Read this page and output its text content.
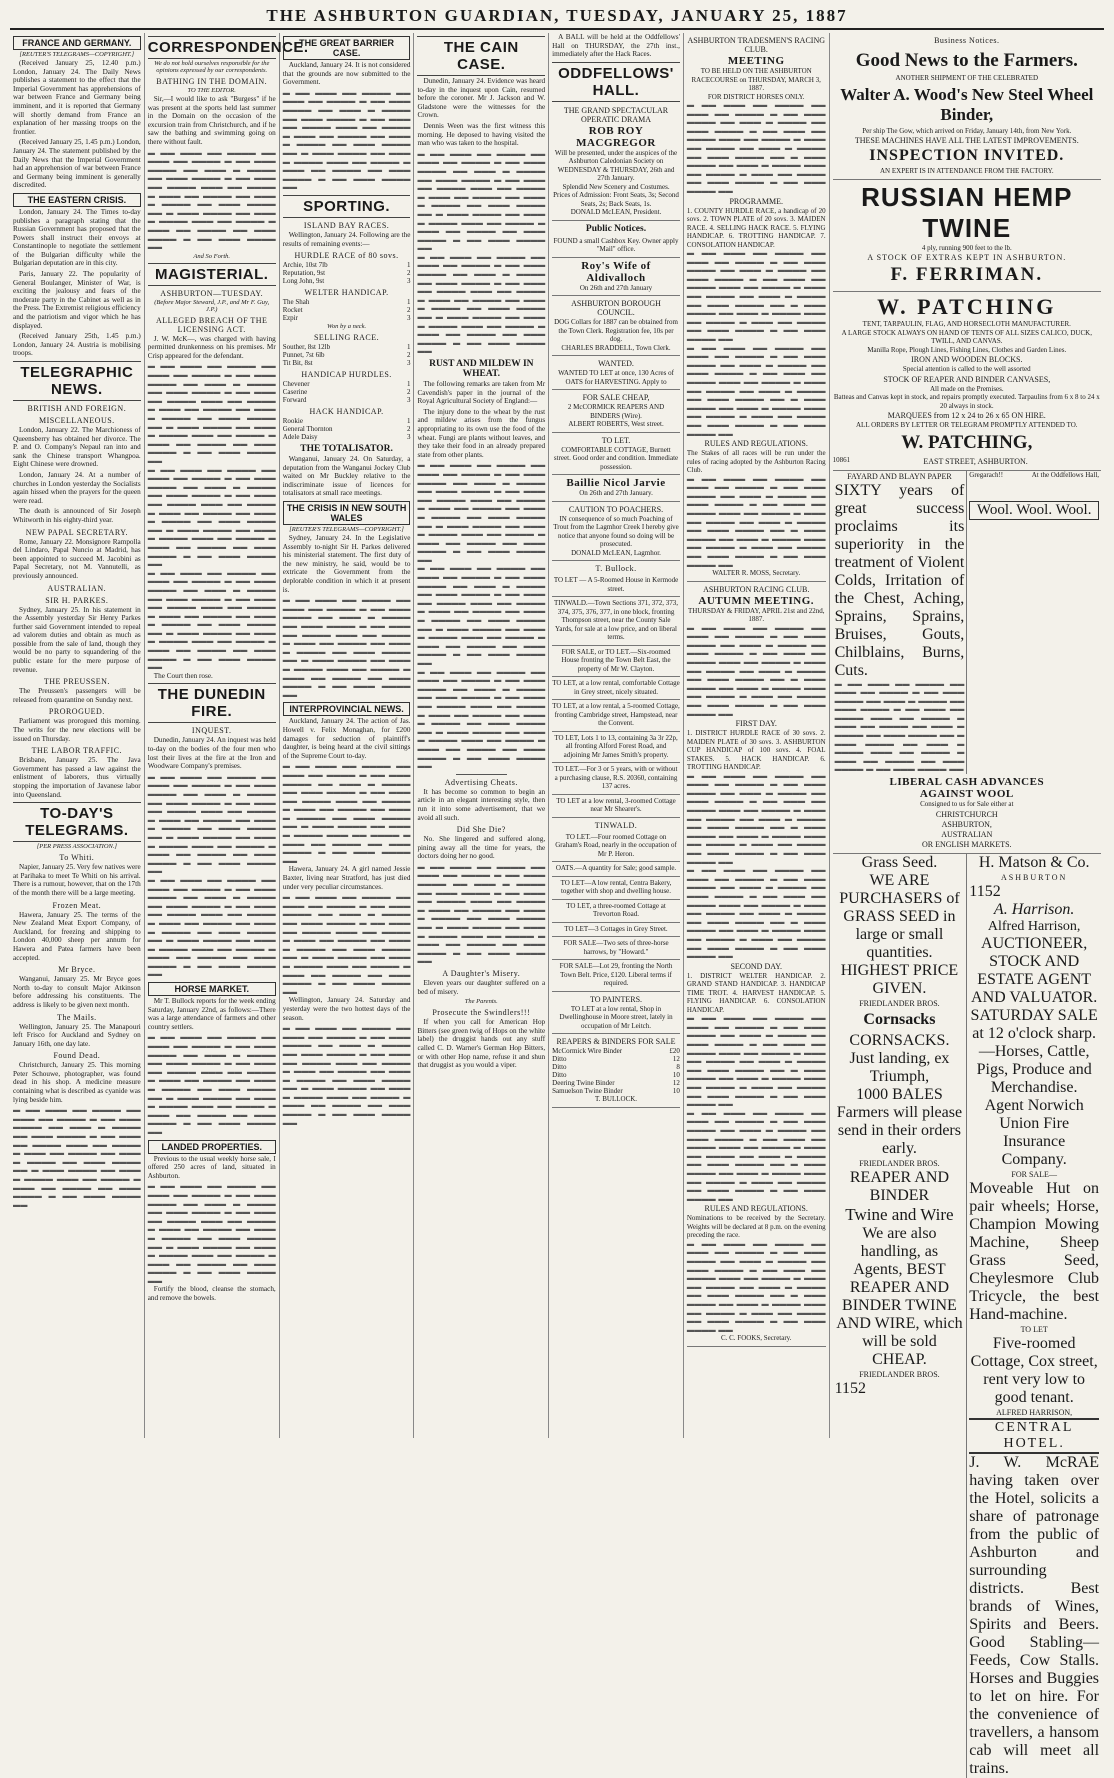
THE ASHBURTON GUARDIAN, TUESDAY, JANUARY 25, 1887
FRANCE AND GERMANY.
[REUTER'S TELEGRAMS—COPYRIGHT.]

(Received January 25, 12.40 p.m.) London, January 24. The Daily News publishes a statement to the effect that the Imperial Government has apprehensions of war between France and Germany being imminent, and it is reported that Germany will shortly demand from France an explanation of her massing troops on the frontier.

(Received January 25, 1.45 p.m.) London, January 24. The statement published by the Daily News that the Imperial Government had an apprehension of war between France and Germany being imminent is generally discredited.

THE EASTERN CRISIS.

London, January 24. The Times to-day publishes a paragraph stating that the Russian Government has proposed that the Powers shall instruct their envoys at Constantinople to negotiate the settlement of the Bulgarian difficulty while the Bulgarian deputation are in this city.

Paris, January 22. The popularity of General Boulanger, Minister of War, is exciting the jealousy and fears of the moderate party in the Cabinet as well as in the Press. The Extremist religious efficiency and the patriotism and vigor which he has displayed.

(Received January 25th, 1.45 p.m.) London, January 24. Austria is mobilising troops.

TELEGRAPHIC NEWS.
BRITISH AND FOREIGN.
MISCELLANEOUS.

London, January 22. The Marchioness of Queensberry has obtained her divorce. The P. and O. Company's Nepaul ran into and sank the Chinese transport Whangpoa. Eight Chinese were drowned.

London, January 24. At a number of churches in London yesterday the Socialists again hissed when the prayers for the queen were read.

The death is announced of Sir Joseph Whitworth in his eighty-third year.

NEW PAPAL SECRETARY.

Rome, January 22. Monsignore Rampolla del Lindaro, Papal Nuncio at Madrid, has been appointed to succeed M. Jacobini as Papal Secretary, not M. Vannutelli, as previously announced.

AUSTRALIAN.
SIR H. PARKES.

Sydney, January 25. In his statement in the Assembly yesterday Sir Henry Parkes further said Government intended to repeal ad valorem duties and obtain as much as possible from the sale of land, though they would be no party to squandering of the public estate for the mere purpose of revenue.

THE PREUSSEN.

The Preussen's passengers will be released from quarantine on Sunday next.

PROROGUED.

Parliament was prorogued this morning. The writs for the new elections will be issued on Thursday.

THE LABOR TRAFFIC.

Brisbane, January 25. The Java Government has passed a law against the enlistment of laborers, thus virtually stopping the importation of Javanese labor into Queensland.

TO-DAY'S TELEGRAMS.
[PER PRESS ASSOCIATION.]
To Whiti.

Napier, January 25. Very few natives were at Parihaka to meet Te Whiti on his arrival. There is a rumour, however, that on the 17th of the month there will be a large meeting.

Frozen Meat.

Hawera, January 25. The terms of the New Zealand Meat Export Company, of Auckland, for freezing and shipping to London 40,000 sheep per annum for Hawera and Patea farmers have been accepted.

Mr Bryce.

Wanganui, January 25. Mr Bryce goes North to-day to consult Major Atkinson before addressing his constituents. The address is likely to be given next month.

The Mails.

Wellington, January 25. The Manapouri left Frisco for Auckland and Sydney on January 16th, one day late.

Found Dead.

Christchurch, January 25. This morning Peter Schouwe, photographer, was found dead in his shop. A medicine measure containing what is described as cyanide was lying beside him.

▬ ▬▬ ▬▬▬ ▬▬ ▬▬▬▬ ▬▬ ▬▬▬ ▬▬ ▬▬▬▬ ▬ ▬▬ ▬▬▬ ▬▬▬▬ ▬▬ ▬▬▬ ▬ ▬▬▬▬ ▬▬ ▬▬▬ ▬▬▬▬ ▬ ▬▬ ▬▬▬ ▬▬ ▬▬▬▬ ▬▬▬ ▬▬ ▬▬▬▬ ▬ ▬▬▬ ▬▬ ▬▬▬▬ ▬▬ ▬▬▬ ▬ ▬▬▬▬ ▬▬ ▬▬▬ ▬▬▬▬ ▬▬ ▬ ▬▬▬ ▬▬▬▬ ▬▬ ▬▬▬ ▬ ▬▬▬▬ ▬▬▬ ▬▬ ▬▬▬▬ ▬ ▬▬▬ ▬▬ ▬▬▬▬ ▬▬ ▬▬▬ ▬▬▬▬ ▬ ▬▬ ▬▬▬ ▬▬▬▬ ▬▬
CORRESPONDENCE.
We do not hold ourselves responsible for the opinions expressed by our correspondents.
BATHING IN THE DOMAIN.
TO THE EDITOR.

Sir,—I would like to ask "Burgess" if he was present at the sports held last summer in the Domain on the occasion of the excursion train from Christchurch, and if he saw the bathing and swimming going on there without fault.

▬ ▬▬ ▬▬▬ ▬▬ ▬▬▬▬ ▬▬ ▬▬▬ ▬▬ ▬▬▬▬ ▬ ▬▬ ▬▬▬ ▬▬▬▬ ▬▬ ▬▬▬ ▬ ▬▬▬▬ ▬▬ ▬▬▬ ▬▬▬▬ ▬ ▬▬ ▬▬▬ ▬▬ ▬▬▬▬ ▬▬▬ ▬▬ ▬▬▬▬ ▬ ▬▬▬ ▬▬ ▬▬▬▬ ▬▬ ▬▬▬ ▬ ▬▬▬▬ ▬▬ ▬▬▬ ▬▬▬▬ ▬▬ ▬ ▬▬▬ ▬▬▬▬ ▬▬ ▬▬▬ ▬ ▬▬▬▬ ▬▬▬ ▬▬ ▬▬▬▬ ▬ ▬▬▬ ▬▬ ▬▬▬▬ ▬▬ ▬▬▬ ▬▬▬▬ ▬ ▬▬ ▬▬▬ ▬▬▬▬ ▬▬
And So Forth.
MAGISTERIAL.
ASHBURTON—TUESDAY.
(Before Major Steward, J.P., and Mr F. Guy, J.P.)
ALLEGED BREACH OF THE LICENSING ACT.

J. W. McK—, was charged with having permitted drunkenness on his premises. Mr Crisp appeared for the defendant.

▬ ▬▬ ▬▬▬ ▬▬ ▬▬▬▬ ▬▬ ▬▬▬ ▬▬ ▬▬▬▬ ▬ ▬▬ ▬▬▬ ▬▬▬▬ ▬▬ ▬▬▬ ▬ ▬▬▬▬ ▬▬ ▬▬▬ ▬▬▬▬ ▬ ▬▬ ▬▬▬ ▬▬ ▬▬▬▬ ▬▬▬ ▬▬ ▬▬▬▬ ▬ ▬▬▬ ▬▬ ▬▬▬▬ ▬▬ ▬▬▬ ▬ ▬▬▬▬ ▬▬ ▬▬▬ ▬▬▬▬ ▬▬ ▬ ▬▬▬ ▬▬▬▬ ▬▬ ▬▬▬ ▬ ▬▬▬▬ ▬▬▬ ▬▬ ▬▬▬▬ ▬ ▬▬▬ ▬▬ ▬▬▬▬ ▬▬ ▬▬▬ ▬▬▬▬ ▬ ▬▬ ▬▬▬ ▬▬▬▬ ▬▬
▬ ▬▬ ▬▬▬ ▬▬ ▬▬▬▬ ▬▬ ▬▬▬ ▬▬ ▬▬▬▬ ▬ ▬▬ ▬▬▬ ▬▬▬▬ ▬▬ ▬▬▬ ▬ ▬▬▬▬ ▬▬ ▬▬▬ ▬▬▬▬ ▬ ▬▬ ▬▬▬ ▬▬ ▬▬▬▬ ▬▬▬ ▬▬ ▬▬▬▬ ▬ ▬▬▬ ▬▬ ▬▬▬▬ ▬▬ ▬▬▬ ▬ ▬▬▬▬ ▬▬ ▬▬▬ ▬▬▬▬ ▬▬ ▬ ▬▬▬ ▬▬▬▬ ▬▬ ▬▬▬ ▬ ▬▬▬▬ ▬▬▬ ▬▬ ▬▬▬▬ ▬ ▬▬▬ ▬▬ ▬▬▬▬ ▬▬ ▬▬▬ ▬▬▬▬ ▬ ▬▬ ▬▬▬ ▬▬▬▬ ▬▬
▬ ▬▬ ▬▬▬ ▬▬ ▬▬▬▬ ▬▬ ▬▬▬ ▬▬ ▬▬▬▬ ▬ ▬▬ ▬▬▬ ▬▬▬▬ ▬▬ ▬▬▬ ▬ ▬▬▬▬ ▬▬ ▬▬▬ ▬▬▬▬ ▬ ▬▬ ▬▬▬ ▬▬ ▬▬▬▬ ▬▬▬ ▬▬ ▬▬▬▬ ▬ ▬▬▬ ▬▬ ▬▬▬▬ ▬▬ ▬▬▬ ▬ ▬▬▬▬ ▬▬ ▬▬▬ ▬▬▬▬ ▬▬ ▬ ▬▬▬ ▬▬▬▬ ▬▬ ▬▬▬ ▬ ▬▬▬▬ ▬▬▬ ▬▬ ▬▬▬▬ ▬ ▬▬▬ ▬▬ ▬▬▬▬ ▬▬ ▬▬▬ ▬▬▬▬ ▬ ▬▬ ▬▬▬ ▬▬▬▬ ▬▬

The Court then rose.

THE DUNEDIN FIRE.
INQUEST.

Dunedin, January 24. An inquest was held to-day on the bodies of the four men who lost their lives at the fire at the Iron and Woodware Company's premises.

▬ ▬▬ ▬▬▬ ▬▬ ▬▬▬▬ ▬▬ ▬▬▬ ▬▬ ▬▬▬▬ ▬ ▬▬ ▬▬▬ ▬▬▬▬ ▬▬ ▬▬▬ ▬ ▬▬▬▬ ▬▬ ▬▬▬ ▬▬▬▬ ▬ ▬▬ ▬▬▬ ▬▬ ▬▬▬▬ ▬▬▬ ▬▬ ▬▬▬▬ ▬ ▬▬▬ ▬▬ ▬▬▬▬ ▬▬ ▬▬▬ ▬ ▬▬▬▬ ▬▬ ▬▬▬ ▬▬▬▬ ▬▬ ▬ ▬▬▬ ▬▬▬▬ ▬▬ ▬▬▬ ▬ ▬▬▬▬ ▬▬▬ ▬▬ ▬▬▬▬ ▬ ▬▬▬ ▬▬ ▬▬▬▬ ▬▬ ▬▬▬ ▬▬▬▬ ▬ ▬▬ ▬▬▬ ▬▬▬▬ ▬▬
▬ ▬▬ ▬▬▬ ▬▬ ▬▬▬▬ ▬▬ ▬▬▬ ▬▬ ▬▬▬▬ ▬ ▬▬ ▬▬▬ ▬▬▬▬ ▬▬ ▬▬▬ ▬ ▬▬▬▬ ▬▬ ▬▬▬ ▬▬▬▬ ▬ ▬▬ ▬▬▬ ▬▬ ▬▬▬▬ ▬▬▬ ▬▬ ▬▬▬▬ ▬ ▬▬▬ ▬▬ ▬▬▬▬ ▬▬ ▬▬▬ ▬ ▬▬▬▬ ▬▬ ▬▬▬ ▬▬▬▬ ▬▬ ▬ ▬▬▬ ▬▬▬▬ ▬▬ ▬▬▬ ▬ ▬▬▬▬ ▬▬▬ ▬▬ ▬▬▬▬ ▬ ▬▬▬ ▬▬ ▬▬▬▬ ▬▬ ▬▬▬ ▬▬▬▬ ▬ ▬▬ ▬▬▬ ▬▬▬▬ ▬▬
HORSE MARKET.

Mr T. Bullock reports for the week ending Saturday, January 22nd, as follows:—There was a large attendance of farmers and other country settlers.

▬ ▬▬ ▬▬▬ ▬▬ ▬▬▬▬ ▬▬ ▬▬▬ ▬▬ ▬▬▬▬ ▬ ▬▬ ▬▬▬ ▬▬▬▬ ▬▬ ▬▬▬ ▬ ▬▬▬▬ ▬▬ ▬▬▬ ▬▬▬▬ ▬ ▬▬ ▬▬▬ ▬▬ ▬▬▬▬ ▬▬▬ ▬▬ ▬▬▬▬ ▬ ▬▬▬ ▬▬ ▬▬▬▬ ▬▬ ▬▬▬ ▬ ▬▬▬▬ ▬▬ ▬▬▬ ▬▬▬▬ ▬▬ ▬ ▬▬▬ ▬▬▬▬ ▬▬ ▬▬▬ ▬ ▬▬▬▬ ▬▬▬ ▬▬ ▬▬▬▬ ▬ ▬▬▬ ▬▬ ▬▬▬▬ ▬▬ ▬▬▬ ▬▬▬▬ ▬ ▬▬ ▬▬▬ ▬▬▬▬ ▬▬
LANDED PROPERTIES.

Previous to the usual weekly horse sale, I offered 250 acres of land, situated in Ashburton.

▬ ▬▬ ▬▬▬ ▬▬ ▬▬▬▬ ▬▬ ▬▬▬ ▬▬ ▬▬▬▬ ▬ ▬▬ ▬▬▬ ▬▬▬▬ ▬▬ ▬▬▬ ▬ ▬▬▬▬ ▬▬ ▬▬▬ ▬▬▬▬ ▬ ▬▬ ▬▬▬ ▬▬ ▬▬▬▬ ▬▬▬ ▬▬ ▬▬▬▬ ▬ ▬▬▬ ▬▬ ▬▬▬▬ ▬▬ ▬▬▬ ▬ ▬▬▬▬ ▬▬ ▬▬▬ ▬▬▬▬ ▬▬ ▬ ▬▬▬ ▬▬▬▬ ▬▬ ▬▬▬ ▬ ▬▬▬▬ ▬▬▬ ▬▬ ▬▬▬▬ ▬ ▬▬▬ ▬▬ ▬▬▬▬ ▬▬ ▬▬▬ ▬▬▬▬ ▬ ▬▬ ▬▬▬ ▬▬▬▬ ▬▬

Fortify the blood, cleanse the stomach, and remove the bowels.

THE GREAT BARRIER CASE.

Auckland, January 24. It is not considered that the grounds are now submitted to the Government.

▬ ▬▬ ▬▬▬ ▬▬ ▬▬▬▬ ▬▬ ▬▬▬ ▬▬ ▬▬▬▬ ▬ ▬▬ ▬▬▬ ▬▬▬▬ ▬▬ ▬▬▬ ▬ ▬▬▬▬ ▬▬ ▬▬▬ ▬▬▬▬ ▬ ▬▬ ▬▬▬ ▬▬ ▬▬▬▬ ▬▬▬ ▬▬ ▬▬▬▬ ▬ ▬▬▬ ▬▬ ▬▬▬▬ ▬▬ ▬▬▬ ▬ ▬▬▬▬ ▬▬ ▬▬▬ ▬▬▬▬ ▬▬ ▬ ▬▬▬ ▬▬▬▬ ▬▬ ▬▬▬ ▬ ▬▬▬▬ ▬▬▬ ▬▬ ▬▬▬▬ ▬ ▬▬▬ ▬▬ ▬▬▬▬ ▬▬ ▬▬▬ ▬▬▬▬ ▬ ▬▬ ▬▬▬ ▬▬▬▬ ▬▬
SPORTING.
ISLAND BAY RACES.

Wellington, January 24. Following are the results of remaining events:—

HURDLE RACE of 80 sovs.
Archie, 10st 7lb	1
Reputation, 9st	2
Long John, 9st	3
WELTER HANDICAP.
The Shah	1
Rocket	2
Ezpir	3
Won by a neck.
SELLING RACE.
Souther, 8st 12lb	1
Punnet, 7st 6lb	2
Tit Bit, 8st	3
HANDICAP HURDLES.
Chevener	1
Caserine	2
Forward	3
HACK HANDICAP.
Rookie	1
General Thornton	2
Adele Daisy	3
THE TOTALISATOR.

Wanganui, January 24. On Saturday, a deputation from the Wanganui Jockey Club waited on Mr Buckley relative to the indiscriminate issue of licences for totalisators at small race meetings.

THE CRISIS IN NEW SOUTH WALES
[REUTER'S TELEGRAMS—COPYRIGHT.]

Sydney, January 24. In the Legislative Assembly to-night Sir H. Parkes delivered his ministerial statement. The first duty of the new ministry, he said, would be to extricate the Government from the deplorable condition in which it at present is.

▬ ▬▬ ▬▬▬ ▬▬ ▬▬▬▬ ▬▬ ▬▬▬ ▬▬ ▬▬▬▬ ▬ ▬▬ ▬▬▬ ▬▬▬▬ ▬▬ ▬▬▬ ▬ ▬▬▬▬ ▬▬ ▬▬▬ ▬▬▬▬ ▬ ▬▬ ▬▬▬ ▬▬ ▬▬▬▬ ▬▬▬ ▬▬ ▬▬▬▬ ▬ ▬▬▬ ▬▬ ▬▬▬▬ ▬▬ ▬▬▬ ▬ ▬▬▬▬ ▬▬ ▬▬▬ ▬▬▬▬ ▬▬ ▬ ▬▬▬ ▬▬▬▬ ▬▬ ▬▬▬ ▬ ▬▬▬▬ ▬▬▬ ▬▬ ▬▬▬▬ ▬ ▬▬▬ ▬▬ ▬▬▬▬ ▬▬ ▬▬▬ ▬▬▬▬ ▬ ▬▬ ▬▬▬ ▬▬▬▬ ▬▬
INTERPROVINCIAL NEWS.

Auckland, January 24. The action of Jas. Howell v. Felix Monaghan, for £200 damages for seduction of plaintiff's daughter, is being heard at the civil sittings of the Supreme Court to-day.

▬ ▬▬ ▬▬▬ ▬▬ ▬▬▬▬ ▬▬ ▬▬▬ ▬▬ ▬▬▬▬ ▬ ▬▬ ▬▬▬ ▬▬▬▬ ▬▬ ▬▬▬ ▬ ▬▬▬▬ ▬▬ ▬▬▬ ▬▬▬▬ ▬ ▬▬ ▬▬▬ ▬▬ ▬▬▬▬ ▬▬▬ ▬▬ ▬▬▬▬ ▬ ▬▬▬ ▬▬ ▬▬▬▬ ▬▬ ▬▬▬ ▬ ▬▬▬▬ ▬▬ ▬▬▬ ▬▬▬▬ ▬▬ ▬ ▬▬▬ ▬▬▬▬ ▬▬ ▬▬▬ ▬ ▬▬▬▬ ▬▬▬ ▬▬ ▬▬▬▬ ▬ ▬▬▬ ▬▬ ▬▬▬▬ ▬▬ ▬▬▬ ▬▬▬▬ ▬ ▬▬ ▬▬▬ ▬▬▬▬ ▬▬

Hawera, January 24. A girl named Jessie Baxter, living near Stratford, has just died under very peculiar circumstances.

▬ ▬▬ ▬▬▬ ▬▬ ▬▬▬▬ ▬▬ ▬▬▬ ▬▬ ▬▬▬▬ ▬ ▬▬ ▬▬▬ ▬▬▬▬ ▬▬ ▬▬▬ ▬ ▬▬▬▬ ▬▬ ▬▬▬ ▬▬▬▬ ▬ ▬▬ ▬▬▬ ▬▬ ▬▬▬▬ ▬▬▬ ▬▬ ▬▬▬▬ ▬ ▬▬▬ ▬▬ ▬▬▬▬ ▬▬ ▬▬▬ ▬ ▬▬▬▬ ▬▬ ▬▬▬ ▬▬▬▬ ▬▬ ▬ ▬▬▬ ▬▬▬▬ ▬▬ ▬▬▬ ▬ ▬▬▬▬ ▬▬▬ ▬▬ ▬▬▬▬ ▬ ▬▬▬ ▬▬ ▬▬▬▬ ▬▬ ▬▬▬ ▬▬▬▬ ▬ ▬▬ ▬▬▬ ▬▬▬▬ ▬▬

Wellington, January 24. Saturday and yesterday were the two hottest days of the season.

▬ ▬▬ ▬▬▬ ▬▬ ▬▬▬▬ ▬▬ ▬▬▬ ▬▬ ▬▬▬▬ ▬ ▬▬ ▬▬▬ ▬▬▬▬ ▬▬ ▬▬▬ ▬ ▬▬▬▬ ▬▬ ▬▬▬ ▬▬▬▬ ▬ ▬▬ ▬▬▬ ▬▬ ▬▬▬▬ ▬▬▬ ▬▬ ▬▬▬▬ ▬ ▬▬▬ ▬▬ ▬▬▬▬ ▬▬ ▬▬▬ ▬ ▬▬▬▬ ▬▬ ▬▬▬ ▬▬▬▬ ▬▬ ▬ ▬▬▬ ▬▬▬▬ ▬▬ ▬▬▬ ▬ ▬▬▬▬ ▬▬▬ ▬▬ ▬▬▬▬ ▬ ▬▬▬ ▬▬ ▬▬▬▬ ▬▬ ▬▬▬ ▬▬▬▬ ▬ ▬▬ ▬▬▬ ▬▬▬▬ ▬▬
THE CAIN CASE.

Dunedin, January 24. Evidence was heard to-day in the inquest upon Cain, resumed before the coroner. Mr J. Jackson and W. Gladstone were the witnesses for the Crown.

Dennis Ween was the first witness this morning. He deposed to having visited the man who was taken to the hospital.

▬ ▬▬ ▬▬▬ ▬▬ ▬▬▬▬ ▬▬ ▬▬▬ ▬▬ ▬▬▬▬ ▬ ▬▬ ▬▬▬ ▬▬▬▬ ▬▬ ▬▬▬ ▬ ▬▬▬▬ ▬▬ ▬▬▬ ▬▬▬▬ ▬ ▬▬ ▬▬▬ ▬▬ ▬▬▬▬ ▬▬▬ ▬▬ ▬▬▬▬ ▬ ▬▬▬ ▬▬ ▬▬▬▬ ▬▬ ▬▬▬ ▬ ▬▬▬▬ ▬▬ ▬▬▬ ▬▬▬▬ ▬▬ ▬ ▬▬▬ ▬▬▬▬ ▬▬ ▬▬▬ ▬ ▬▬▬▬ ▬▬▬ ▬▬ ▬▬▬▬ ▬ ▬▬▬ ▬▬ ▬▬▬▬ ▬▬ ▬▬▬ ▬▬▬▬ ▬ ▬▬ ▬▬▬ ▬▬▬▬ ▬▬
▬ ▬▬ ▬▬▬ ▬▬ ▬▬▬▬ ▬▬ ▬▬▬ ▬▬ ▬▬▬▬ ▬ ▬▬ ▬▬▬ ▬▬▬▬ ▬▬ ▬▬▬ ▬ ▬▬▬▬ ▬▬ ▬▬▬ ▬▬▬▬ ▬ ▬▬ ▬▬▬ ▬▬ ▬▬▬▬ ▬▬▬ ▬▬ ▬▬▬▬ ▬ ▬▬▬ ▬▬ ▬▬▬▬ ▬▬ ▬▬▬ ▬ ▬▬▬▬ ▬▬ ▬▬▬ ▬▬▬▬ ▬▬ ▬ ▬▬▬ ▬▬▬▬ ▬▬ ▬▬▬ ▬ ▬▬▬▬ ▬▬▬ ▬▬ ▬▬▬▬ ▬ ▬▬▬ ▬▬ ▬▬▬▬ ▬▬ ▬▬▬ ▬▬▬▬ ▬ ▬▬ ▬▬▬ ▬▬▬▬ ▬▬
RUST AND MILDEW IN WHEAT.

The following remarks are taken from Mr Cavendish's paper in the journal of the Royal Agricultural Society of England:—

The injury done to the wheat by the rust and mildew arises from the fungus appropriating to its own use the food of the wheat. Fungi are plants without leaves, and they take their food in an already prepared state from other plants.

▬ ▬▬ ▬▬▬ ▬▬ ▬▬▬▬ ▬▬ ▬▬▬ ▬▬ ▬▬▬▬ ▬ ▬▬ ▬▬▬ ▬▬▬▬ ▬▬ ▬▬▬ ▬ ▬▬▬▬ ▬▬ ▬▬▬ ▬▬▬▬ ▬ ▬▬ ▬▬▬ ▬▬ ▬▬▬▬ ▬▬▬ ▬▬ ▬▬▬▬ ▬ ▬▬▬ ▬▬ ▬▬▬▬ ▬▬ ▬▬▬ ▬ ▬▬▬▬ ▬▬ ▬▬▬ ▬▬▬▬ ▬▬ ▬ ▬▬▬ ▬▬▬▬ ▬▬ ▬▬▬ ▬ ▬▬▬▬ ▬▬▬ ▬▬ ▬▬▬▬ ▬ ▬▬▬ ▬▬ ▬▬▬▬ ▬▬ ▬▬▬ ▬▬▬▬ ▬ ▬▬ ▬▬▬ ▬▬▬▬ ▬▬
▬ ▬▬ ▬▬▬ ▬▬ ▬▬▬▬ ▬▬ ▬▬▬ ▬▬ ▬▬▬▬ ▬ ▬▬ ▬▬▬ ▬▬▬▬ ▬▬ ▬▬▬ ▬ ▬▬▬▬ ▬▬ ▬▬▬ ▬▬▬▬ ▬ ▬▬ ▬▬▬ ▬▬ ▬▬▬▬ ▬▬▬ ▬▬ ▬▬▬▬ ▬ ▬▬▬ ▬▬ ▬▬▬▬ ▬▬ ▬▬▬ ▬ ▬▬▬▬ ▬▬ ▬▬▬ ▬▬▬▬ ▬▬ ▬ ▬▬▬ ▬▬▬▬ ▬▬ ▬▬▬ ▬ ▬▬▬▬ ▬▬▬ ▬▬ ▬▬▬▬ ▬ ▬▬▬ ▬▬ ▬▬▬▬ ▬▬ ▬▬▬ ▬▬▬▬ ▬ ▬▬ ▬▬▬ ▬▬▬▬ ▬▬
▬ ▬▬ ▬▬▬ ▬▬ ▬▬▬▬ ▬▬ ▬▬▬ ▬▬ ▬▬▬▬ ▬ ▬▬ ▬▬▬ ▬▬▬▬ ▬▬ ▬▬▬ ▬ ▬▬▬▬ ▬▬ ▬▬▬ ▬▬▬▬ ▬ ▬▬ ▬▬▬ ▬▬ ▬▬▬▬ ▬▬▬ ▬▬ ▬▬▬▬ ▬ ▬▬▬ ▬▬ ▬▬▬▬ ▬▬ ▬▬▬ ▬ ▬▬▬▬ ▬▬ ▬▬▬ ▬▬▬▬ ▬▬ ▬ ▬▬▬ ▬▬▬▬ ▬▬ ▬▬▬ ▬ ▬▬▬▬ ▬▬▬ ▬▬ ▬▬▬▬ ▬ ▬▬▬ ▬▬ ▬▬▬▬ ▬▬ ▬▬▬ ▬▬▬▬ ▬ ▬▬ ▬▬▬ ▬▬▬▬ ▬▬
Advertising Cheats.

It has become so common to begin an article in an elegant interesting style, then run it into some advertisement, that we avoid all such.

Did She Die?

No. She lingered and suffered along, pining away all the time for years, the doctors doing her no good.

▬ ▬▬ ▬▬▬ ▬▬ ▬▬▬▬ ▬▬ ▬▬▬ ▬▬ ▬▬▬▬ ▬ ▬▬ ▬▬▬ ▬▬▬▬ ▬▬ ▬▬▬ ▬ ▬▬▬▬ ▬▬ ▬▬▬ ▬▬▬▬ ▬ ▬▬ ▬▬▬ ▬▬ ▬▬▬▬ ▬▬▬ ▬▬ ▬▬▬▬ ▬ ▬▬▬ ▬▬ ▬▬▬▬ ▬▬ ▬▬▬ ▬ ▬▬▬▬ ▬▬ ▬▬▬ ▬▬▬▬ ▬▬ ▬ ▬▬▬ ▬▬▬▬ ▬▬ ▬▬▬ ▬ ▬▬▬▬ ▬▬▬ ▬▬ ▬▬▬▬ ▬ ▬▬▬ ▬▬ ▬▬▬▬ ▬▬ ▬▬▬ ▬▬▬▬ ▬ ▬▬ ▬▬▬ ▬▬▬▬ ▬▬
A Daughter's Misery.

Eleven years our daughter suffered on a bed of misery.

The Parents.
Prosecute the Swindlers!!!

If when you call for American Hop Bitters (see green twig of Hops on the white label) the druggist hands out any stuff called C. D. Warner's German Hop Bitters, or with other Hop name, refuse it and shun that druggist as you would a viper.

A BALL will be held at the Oddfellows' Hall on THURSDAY, the 27th inst., immediately after the Hack Races.

ODDFELLOWS' HALL.
THE GRAND SPECTACULAR OPERATIC DRAMA
ROB ROY MACGREGOR
Will be presented, under the auspices of the Ashburton Caledonian Society on WEDNESDAY & THURSDAY, 26th and 27th January.
Splendid New Scenery and Costumes.
Prices of Admission: Front Seats, 3s; Second Seats, 2s; Back Seats, 1s.
DONALD McLEAN, President.
Public Notices.
FOUND a small Cashbox Key. Owner apply "Mail" office.
Roy's Wife of Aldivalloch
On 26th and 27th January
ASHBURTON BOROUGH COUNCIL.
DOG Collars for 1887 can be obtained from the Town Clerk. Registration fee, 10s per dog.
CHARLES BRADDELL, Town Clerk.
WANTED.
WANTED TO LET at once, 130 Acres of OATS for HARVESTING. Apply to
FOR SALE CHEAP,
2 McCORMICK REAPERS AND BINDERS (Wire).
ALBERT ROBERTS, West street.
TO LET.
COMFORTABLE COTTAGE, Burnett street. Good order and condition. Immediate possession.
Baillie Nicol Jarvie
On 26th and 27th January.
CAUTION TO POACHERS.
IN consequence of so much Poaching of Trout from the Lagmhor Creek I hereby give notice that anyone found so doing will be prosecuted.
DONALD McLEAN, Lagmhor.
T. Bullock.
TO LET — A 5-Roomed House in Kermode street.
TINWALD.—Town Sections 371, 372, 373, 374, 375, 376, 377, in one block, fronting Thompson street, near the County Sale Yards, for sale at a low price, and on liberal terms.
FOR SALE, or TO LET.—Six-roomed House fronting the Town Belt East, the property of Mr W. Clayton.
TO LET, at a low rental, comfortable Cottage in Grey street, nicely situated.
TO LET, at a low rental, a 5-roomed Cottage, fronting Cambridge street, Hampstead, near the Convent.
TO LET, Lots 1 to 13, containing 3a 3r 22p, all fronting Alford Forest Road, and adjoining Mr James Smith's property.
TO LET.—For 3 or 5 years, with or without a purchasing clause, R.S. 20360, containing 137 acres.
TO LET at a low rental, 3-roomed Cottage near Mr Shearer's.
TINWALD.
TO LET.—Four roomed Cottage on Graham's Road, nearly in the occupation of Mr P. Heron.
OATS.—A quantity for Sale; good sample.
TO LET—A low rental, Centra Bakery, together with shop and dwelling house.
TO LET, a three-roomed Cottage at Trevorton Road.
TO LET—3 Cottages in Grey Street.
FOR SALE—Two sets of three-horse harrows, by "Howard."
FOR SALE—Lot 29, fronting the North Town Belt. Price, £120. Liberal terms if required.
TO PAINTERS.
TO LET at a low rental, Shop in Dwellinghouse in Moore street, lately in occupation of Mr Leitch.
REAPERS & BINDERS FOR SALE
McCormick Wire Binder	£20
Ditto	12
Ditto	8
Ditto	10
Deering Twine Binder	12
Samuelson Twine Binder	10
T. BULLOCK.
ASHBURTON TRADESMEN'S RACING CLUB.
MEETING
TO BE HELD ON THE ASHBURTON RACECOURSE on THURSDAY, MARCH 3, 1887.
FOR DISTRICT HORSES ONLY.
▬ ▬▬ ▬▬▬ ▬▬ ▬▬▬▬ ▬▬ ▬▬▬ ▬▬ ▬▬▬▬ ▬ ▬▬ ▬▬▬ ▬▬▬▬ ▬▬ ▬▬▬ ▬ ▬▬▬▬ ▬▬ ▬▬▬ ▬▬▬▬ ▬ ▬▬ ▬▬▬ ▬▬ ▬▬▬▬ ▬▬▬ ▬▬ ▬▬▬▬ ▬ ▬▬▬ ▬▬ ▬▬▬▬ ▬▬ ▬▬▬ ▬ ▬▬▬▬ ▬▬ ▬▬▬ ▬▬▬▬ ▬▬ ▬ ▬▬▬ ▬▬▬▬ ▬▬ ▬▬▬ ▬ ▬▬▬▬ ▬▬▬ ▬▬ ▬▬▬▬ ▬ ▬▬▬ ▬▬ ▬▬▬▬ ▬▬ ▬▬▬ ▬▬▬▬ ▬ ▬▬ ▬▬▬ ▬▬▬▬ ▬▬
PROGRAMME.
1. COUNTY HURDLE RACE, a handicap of 20 sovs. 2. TOWN PLATE of 20 sovs. 3. MAIDEN RACE. 4. SELLING HACK RACE. 5. FLYING HANDICAP. 6. TROTTING HANDICAP. 7. CONSOLATION HANDICAP.
▬ ▬▬ ▬▬▬ ▬▬ ▬▬▬▬ ▬▬ ▬▬▬ ▬▬ ▬▬▬▬ ▬ ▬▬ ▬▬▬ ▬▬▬▬ ▬▬ ▬▬▬ ▬ ▬▬▬▬ ▬▬ ▬▬▬ ▬▬▬▬ ▬ ▬▬ ▬▬▬ ▬▬ ▬▬▬▬ ▬▬▬ ▬▬ ▬▬▬▬ ▬ ▬▬▬ ▬▬ ▬▬▬▬ ▬▬ ▬▬▬ ▬ ▬▬▬▬ ▬▬ ▬▬▬ ▬▬▬▬ ▬▬ ▬ ▬▬▬ ▬▬▬▬ ▬▬ ▬▬▬ ▬ ▬▬▬▬ ▬▬▬ ▬▬ ▬▬▬▬ ▬ ▬▬▬ ▬▬ ▬▬▬▬ ▬▬ ▬▬▬ ▬▬▬▬ ▬ ▬▬ ▬▬▬ ▬▬▬▬ ▬▬
▬ ▬▬ ▬▬▬ ▬▬ ▬▬▬▬ ▬▬ ▬▬▬ ▬▬ ▬▬▬▬ ▬ ▬▬ ▬▬▬ ▬▬▬▬ ▬▬ ▬▬▬ ▬ ▬▬▬▬ ▬▬ ▬▬▬ ▬▬▬▬ ▬ ▬▬ ▬▬▬ ▬▬ ▬▬▬▬ ▬▬▬ ▬▬ ▬▬▬▬ ▬ ▬▬▬ ▬▬ ▬▬▬▬ ▬▬ ▬▬▬ ▬ ▬▬▬▬ ▬▬ ▬▬▬ ▬▬▬▬ ▬▬ ▬ ▬▬▬ ▬▬▬▬ ▬▬ ▬▬▬ ▬ ▬▬▬▬ ▬▬▬ ▬▬ ▬▬▬▬ ▬ ▬▬▬ ▬▬ ▬▬▬▬ ▬▬ ▬▬▬ ▬▬▬▬ ▬ ▬▬ ▬▬▬ ▬▬▬▬ ▬▬
RULES AND REGULATIONS.
The Stakes of all races will be run under the rules of racing adopted by the Ashburton Racing Club.
▬ ▬▬ ▬▬▬ ▬▬ ▬▬▬▬ ▬▬ ▬▬▬ ▬▬ ▬▬▬▬ ▬ ▬▬ ▬▬▬ ▬▬▬▬ ▬▬ ▬▬▬ ▬ ▬▬▬▬ ▬▬ ▬▬▬ ▬▬▬▬ ▬ ▬▬ ▬▬▬ ▬▬ ▬▬▬▬ ▬▬▬ ▬▬ ▬▬▬▬ ▬ ▬▬▬ ▬▬ ▬▬▬▬ ▬▬ ▬▬▬ ▬ ▬▬▬▬ ▬▬ ▬▬▬ ▬▬▬▬ ▬▬ ▬ ▬▬▬ ▬▬▬▬ ▬▬ ▬▬▬ ▬ ▬▬▬▬ ▬▬▬ ▬▬ ▬▬▬▬ ▬ ▬▬▬ ▬▬ ▬▬▬▬ ▬▬ ▬▬▬ ▬▬▬▬ ▬ ▬▬ ▬▬▬ ▬▬▬▬ ▬▬
WALTER R. MOSS, Secretary.
ASHBURTON RACING CLUB.
AUTUMN MEETING.
THURSDAY & FRIDAY, APRIL 21st and 22nd, 1887.
▬ ▬▬ ▬▬▬ ▬▬ ▬▬▬▬ ▬▬ ▬▬▬ ▬▬ ▬▬▬▬ ▬ ▬▬ ▬▬▬ ▬▬▬▬ ▬▬ ▬▬▬ ▬ ▬▬▬▬ ▬▬ ▬▬▬ ▬▬▬▬ ▬ ▬▬ ▬▬▬ ▬▬ ▬▬▬▬ ▬▬▬ ▬▬ ▬▬▬▬ ▬ ▬▬▬ ▬▬ ▬▬▬▬ ▬▬ ▬▬▬ ▬ ▬▬▬▬ ▬▬ ▬▬▬ ▬▬▬▬ ▬▬ ▬ ▬▬▬ ▬▬▬▬ ▬▬ ▬▬▬ ▬ ▬▬▬▬ ▬▬▬ ▬▬ ▬▬▬▬ ▬ ▬▬▬ ▬▬ ▬▬▬▬ ▬▬ ▬▬▬ ▬▬▬▬ ▬ ▬▬ ▬▬▬ ▬▬▬▬ ▬▬
FIRST DAY.
1. DISTRICT HURDLE RACE of 30 sovs. 2. MAIDEN PLATE of 30 sovs. 3. ASHBURTON CUP HANDICAP of 100 sovs. 4. FOAL STAKES. 5. HACK HANDICAP. 6. TROTTING HANDICAP.
▬ ▬▬ ▬▬▬ ▬▬ ▬▬▬▬ ▬▬ ▬▬▬ ▬▬ ▬▬▬▬ ▬ ▬▬ ▬▬▬ ▬▬▬▬ ▬▬ ▬▬▬ ▬ ▬▬▬▬ ▬▬ ▬▬▬ ▬▬▬▬ ▬ ▬▬ ▬▬▬ ▬▬ ▬▬▬▬ ▬▬▬ ▬▬ ▬▬▬▬ ▬ ▬▬▬ ▬▬ ▬▬▬▬ ▬▬ ▬▬▬ ▬ ▬▬▬▬ ▬▬ ▬▬▬ ▬▬▬▬ ▬▬ ▬ ▬▬▬ ▬▬▬▬ ▬▬ ▬▬▬ ▬ ▬▬▬▬ ▬▬▬ ▬▬ ▬▬▬▬ ▬ ▬▬▬ ▬▬ ▬▬▬▬ ▬▬ ▬▬▬ ▬▬▬▬ ▬ ▬▬ ▬▬▬ ▬▬▬▬ ▬▬
▬ ▬▬ ▬▬▬ ▬▬ ▬▬▬▬ ▬▬ ▬▬▬ ▬▬ ▬▬▬▬ ▬ ▬▬ ▬▬▬ ▬▬▬▬ ▬▬ ▬▬▬ ▬ ▬▬▬▬ ▬▬ ▬▬▬ ▬▬▬▬ ▬ ▬▬ ▬▬▬ ▬▬ ▬▬▬▬ ▬▬▬ ▬▬ ▬▬▬▬ ▬ ▬▬▬ ▬▬ ▬▬▬▬ ▬▬ ▬▬▬ ▬ ▬▬▬▬ ▬▬ ▬▬▬ ▬▬▬▬ ▬▬ ▬ ▬▬▬ ▬▬▬▬ ▬▬ ▬▬▬ ▬ ▬▬▬▬ ▬▬▬ ▬▬ ▬▬▬▬ ▬ ▬▬▬ ▬▬ ▬▬▬▬ ▬▬ ▬▬▬ ▬▬▬▬ ▬ ▬▬ ▬▬▬ ▬▬▬▬ ▬▬
SECOND DAY.
1. DISTRICT WELTER HANDICAP. 2. GRAND STAND HANDICAP. 3. HANDICAP TIME TROT. 4. HARVEST HANDICAP. 5. FLYING HANDICAP. 6. CONSOLATION HANDICAP.
▬ ▬▬ ▬▬▬ ▬▬ ▬▬▬▬ ▬▬ ▬▬▬ ▬▬ ▬▬▬▬ ▬ ▬▬ ▬▬▬ ▬▬▬▬ ▬▬ ▬▬▬ ▬ ▬▬▬▬ ▬▬ ▬▬▬ ▬▬▬▬ ▬ ▬▬ ▬▬▬ ▬▬ ▬▬▬▬ ▬▬▬ ▬▬ ▬▬▬▬ ▬ ▬▬▬ ▬▬ ▬▬▬▬ ▬▬ ▬▬▬ ▬ ▬▬▬▬ ▬▬ ▬▬▬ ▬▬▬▬ ▬▬ ▬ ▬▬▬ ▬▬▬▬ ▬▬ ▬▬▬ ▬ ▬▬▬▬ ▬▬▬ ▬▬ ▬▬▬▬ ▬ ▬▬▬ ▬▬ ▬▬▬▬ ▬▬ ▬▬▬ ▬▬▬▬ ▬ ▬▬ ▬▬▬ ▬▬▬▬ ▬▬
▬ ▬▬ ▬▬▬ ▬▬ ▬▬▬▬ ▬▬ ▬▬▬ ▬▬ ▬▬▬▬ ▬ ▬▬ ▬▬▬ ▬▬▬▬ ▬▬ ▬▬▬ ▬ ▬▬▬▬ ▬▬ ▬▬▬ ▬▬▬▬ ▬ ▬▬ ▬▬▬ ▬▬ ▬▬▬▬ ▬▬▬ ▬▬ ▬▬▬▬ ▬ ▬▬▬ ▬▬ ▬▬▬▬ ▬▬ ▬▬▬ ▬ ▬▬▬▬ ▬▬ ▬▬▬ ▬▬▬▬ ▬▬ ▬ ▬▬▬ ▬▬▬▬ ▬▬ ▬▬▬ ▬ ▬▬▬▬ ▬▬▬ ▬▬ ▬▬▬▬ ▬ ▬▬▬ ▬▬ ▬▬▬▬ ▬▬ ▬▬▬ ▬▬▬▬ ▬ ▬▬ ▬▬▬ ▬▬▬▬ ▬▬
RULES AND REGULATIONS.
Nominations to be received by the Secretary. Weights will be declared at 8 p.m. on the evening preceding the race.
▬ ▬▬ ▬▬▬ ▬▬ ▬▬▬▬ ▬▬ ▬▬▬ ▬▬ ▬▬▬▬ ▬ ▬▬ ▬▬▬ ▬▬▬▬ ▬▬ ▬▬▬ ▬ ▬▬▬▬ ▬▬ ▬▬▬ ▬▬▬▬ ▬ ▬▬ ▬▬▬ ▬▬ ▬▬▬▬ ▬▬▬ ▬▬ ▬▬▬▬ ▬ ▬▬▬ ▬▬ ▬▬▬▬ ▬▬ ▬▬▬ ▬ ▬▬▬▬ ▬▬ ▬▬▬ ▬▬▬▬ ▬▬ ▬ ▬▬▬ ▬▬▬▬ ▬▬ ▬▬▬ ▬ ▬▬▬▬ ▬▬▬ ▬▬ ▬▬▬▬ ▬ ▬▬▬ ▬▬ ▬▬▬▬ ▬▬ ▬▬▬ ▬▬▬▬ ▬ ▬▬ ▬▬▬ ▬▬▬▬ ▬▬
C. C. FOOKS, Secretary.
Business Notices.
Good News to the Farmers.
ANOTHER SHIPMENT OF THE CELEBRATED
Walter A. Wood's New Steel Wheel Binder,
Per ship The Gow, which arrived on Friday, January 14th, from New York.
THESE MACHINES HAVE ALL THE LATEST IMPROVEMENTS.
INSPECTION INVITED.
AN EXPERT IS IN ATTENDANCE FROM THE FACTORY.
RUSSIAN HEMP TWINE
4 ply, running 900 feet to the lb.
A STOCK OF EXTRAS KEPT IN ASHBURTON.
F. FERRIMAN.
W. PATCHING
TENT, TARPAULIN, FLAG, AND HORSECLOTH MANUFACTURER.
A LARGE STOCK ALWAYS ON HAND OF TENTS OF ALL SIZES CALICO, DUCK, TWILL, AND CANVAS.
Manilla Rope, Plough Lines, Fishing Lines, Clothes and Garden Lines.
IRON AND WOODEN BLOCKS.
Special attention is called to the well assorted
STOCK OF REAPER AND BINDER CANVASES,
All made on the Premises.
Batteas and Canvas kept in stock, and repairs promptly executed. Tarpaulins from 6 x 8 to 24 x 20 always in stock.
MARQUEES from 12 x 24 to 26 x 65 ON HIRE.
ALL ORDERS BY LETTER OR TELEGRAM PROMPTLY ATTENDED TO.
W. PATCHING,
10861	EAST STREET, ASHBURTON.
FAYARD AND BLAYN PAPER
SIXTY years of great success proclaims its superiority in the treatment of Violent Colds, Irritation of the Chest, Aching, Sprains, Sprains, Bruises, Gouts, Chilblains, Burns, Cuts.
▬ ▬▬ ▬▬▬ ▬▬ ▬▬▬▬ ▬▬ ▬▬▬ ▬▬ ▬▬▬▬ ▬ ▬▬ ▬▬▬ ▬▬▬▬ ▬▬ ▬▬▬ ▬ ▬▬▬▬ ▬▬ ▬▬▬ ▬▬▬▬ ▬ ▬▬ ▬▬▬ ▬▬ ▬▬▬▬ ▬▬▬ ▬▬ ▬▬▬▬ ▬ ▬▬▬ ▬▬ ▬▬▬▬ ▬▬ ▬▬▬ ▬ ▬▬▬▬ ▬▬ ▬▬▬ ▬▬▬▬ ▬▬ ▬ ▬▬▬ ▬▬▬▬ ▬▬ ▬▬▬ ▬ ▬▬▬▬ ▬▬▬ ▬▬ ▬▬▬▬ ▬ ▬▬▬ ▬▬ ▬▬▬▬ ▬▬ ▬▬▬ ▬▬▬▬ ▬ ▬▬ ▬▬▬ ▬▬▬▬ ▬▬
Gregarach!!	At the Oddfellows Hall,
Wool. Wool. Wool.
LIBERAL CASH ADVANCES
AGAINST WOOL
Consigned to us for Sale either at
CHRISTCHURCH
ASHBURTON,
AUSTRALIAN
OR ENGLISH MARKETS.
Grass Seed.
WE ARE PURCHASERS of GRASS SEED in large or small quantities. HIGHEST PRICE GIVEN.
FRIEDLANDER BROS.
Cornsacks
CORNSACKS.
Just landing, ex Triumph,
1000 BALES
Farmers will please send in their orders early.
FRIEDLANDER BROS.
REAPER AND BINDER
Twine and Wire
We are also handling, as Agents, BEST REAPER AND BINDER TWINE AND WIRE, which will be sold CHEAP.
FRIEDLANDER BROS.
1152
H. Matson & Co.
ASHBURTON
1152
A. Harrison.
Alfred Harrison,
AUCTIONEER, STOCK AND ESTATE AGENT AND VALUATOR.
SATURDAY SALE at 12 o'clock sharp. —Horses, Cattle, Pigs, Produce and Merchandise.
Agent Norwich Union Fire Insurance Company.
FOR SALE—
Moveable Hut on pair wheels; Horse, Champion Mowing Machine, Sheep Grass Seed, Cheylesmore Club Tricycle, the best Hand-machine.
TO LET
Five-roomed Cottage, Cox street, rent very low to good tenant.
ALFRED HARRISON,
CENTRAL HOTEL.
J. W. McRAE having taken over the Hotel, solicits a share of patronage from the public of Ashburton and surrounding districts. Best brands of Wines, Spirits and Beers. Good Stabling—Feeds, Cow Stalls. Horses and Buggies to let on hire. For the convenience of travellers, a hansom cab will meet all trains.
